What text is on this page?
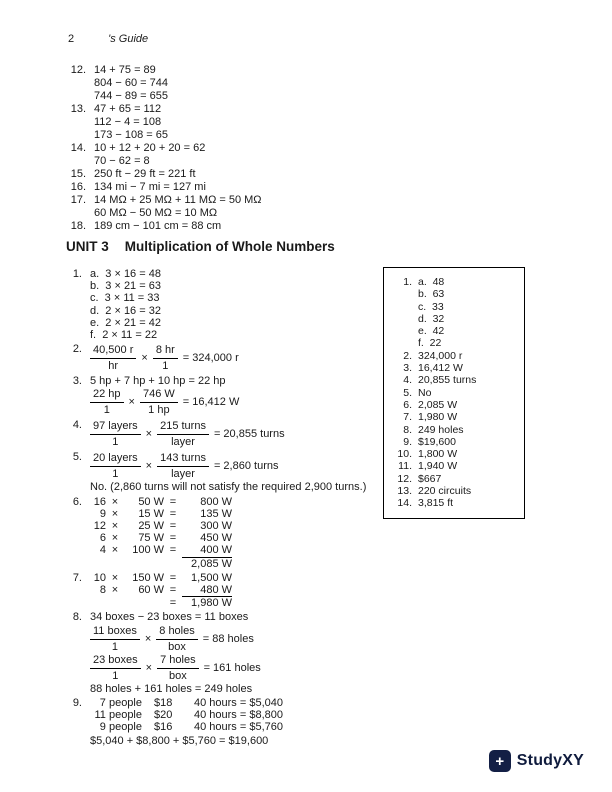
2	's Guide
12. 14 + 75 = 89
804 − 60 = 744
744 − 89 = 655
13. 47 + 65 = 112
112 − 4 = 108
173 − 108 = 65
14. 10 + 12 + 20 + 20 = 62
70 − 62 = 8
15. 250 ft − 29 ft = 221 ft
16. 134 mi − 7 mi = 127 mi
17. 14 MΩ + 25 MΩ + 11 MΩ = 50 MΩ
60 MΩ − 50 MΩ = 10 MΩ
18. 189 cm − 101 cm = 88 cm
UNIT 3 Multiplication of Whole Numbers
1. a.  3 × 16 = 48
b.  3 × 21 = 63
c.  3 × 11 = 33
d.  2 × 16 = 32
e.  2 × 21 = 42
f.  2 × 11 = 22
2. $\frac{40,500 r}{hr} \times \frac{8 hr}{1} = 324,000$ r
3. 5 hp + 7 hp + 10 hp = 22 hp
$\frac{22 hp}{1} \times \frac{746 W}{1 hp} = 16,412$ W
4. $\frac{\text{97 layers}}{1} \times \frac{\text{215 turns}}{\text{layer}} = 20,855$ turns
5. $\frac{\text{20 layers}}{1} \times \frac{\text{143 turns}}{\text{layer}} = 2,860$ turns
No. (2,860 turns will not satisfy the required 2,900 turns.)
6.	16 ×	50 W =	800 W
9 ×	15 W =	135 W
12 ×	25 W =	300 W
6 ×	75 W =	450 W
4 ×	100 W =	400 W
2,085 W
7.	10 ×	150 W =	1,500 W
8 ×	60 W =	480 W
=	1,980 W
8. 34 boxes − 23 boxes = 11 boxes
$\frac{\text{11 boxes}}{1} \times \frac{\text{8 holes}}{\text{box}} = 88$ holes
$\frac{\text{23 boxes}}{1} \times \frac{\text{7 holes}}{\text{box}} = 161$ holes
88 holes + 161 holes = 249 holes
9.	7 people $18	40 hours = $5,040
11 people $20	40 hours = $8,800
9 people $16	40 hours = $5,760
$5,040 + $8,800 + $5,760 = $19,600
1. a.  48
b.  63
c.  33
d.  32
e.  42
f.  22
2. 324,000 r
3. 16,412 W
4. 20,855 turns
5. No
6. 2,085 W
7. 1,980 W
8. 249 holes
9. $19,600
10. 1,800 W
11. 1,940 W
12. $667
13. 220 circuits
14. 3,815 ft
+ StudyXY
